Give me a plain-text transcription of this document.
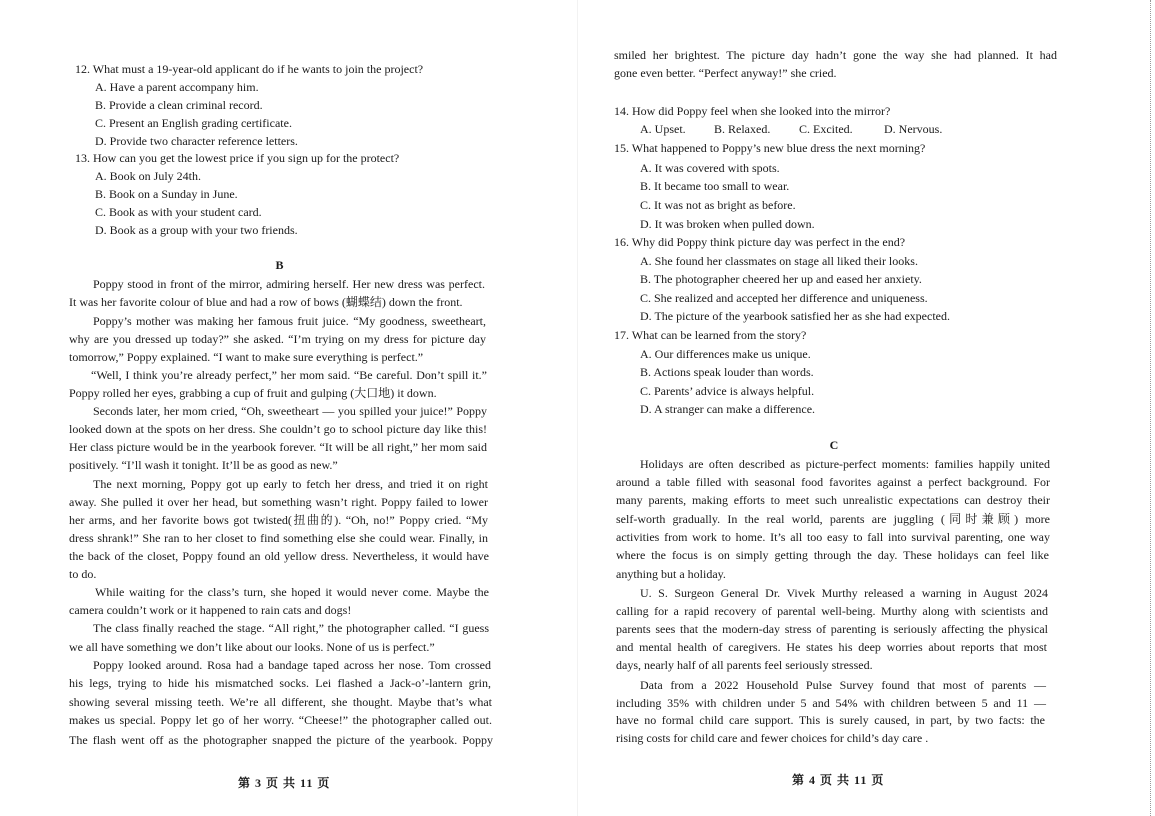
12. What must a 19-year-old applicant do if he wants to join the project?
A. Have a parent accompany him.
B. Provide a clean criminal record.
C. Present an English grading certificate.
D. Provide two character reference letters.
13. How can you get the lowest price if you sign up for the protect?
A. Book on July 24th.
B. Book on a Sunday in June.
C. Book as with your student card.
D. Book as a group with your two friends.
B
Poppy stood in front of the mirror, admiring herself. Her new dress was perfect.
It was her favorite colour of blue and had a row of bows (蝴蝶结) down the front.
Poppy’s mother was making her famous fruit juice. “My goodness, sweetheart,
why are you dressed up today?” she asked. “I’m trying on my dress for picture day
tomorrow,” Poppy explained. “I want to make sure everything is perfect.”
“Well, I think you’re already perfect,” her mom said. “Be careful. Don’t spill it.”
Poppy rolled her eyes, grabbing a cup of fruit and gulping (大口地) it down.
Seconds later, her mom cried, “Oh, sweetheart — you spilled your juice!” Poppy
looked down at the spots on her dress. She couldn’t go to school picture day like this!
Her class picture would be in the yearbook forever. “It will be all right,” her mom said
positively. “I’ll wash it tonight. It’ll be as good as new.”
The next morning, Poppy got up early to fetch her dress, and tried it on right
away. She pulled it over her head, but something wasn’t right. Poppy failed to lower
her arms, and her favorite bows got twisted(扭曲的). “Oh, no!” Poppy cried. “My
dress shrank!” She ran to her closet to find something else she could wear. Finally, in
the back of the closet, Poppy found an old yellow dress. Nevertheless, it would have
to do.
While waiting for the class’s turn, she hoped it would never come. Maybe the
camera couldn’t work or it happened to rain cats and dogs!
The class finally reached the stage. “All right,” the photographer called. “I guess
we all have something we don’t like about our looks. None of us is perfect.”
Poppy looked around. Rosa had a bandage taped across her nose. Tom crossed
his legs, trying to hide his mismatched socks. Lei flashed a Jack-o’-lantern grin,
showing several missing teeth. We’re all different, she thought. Maybe that’s what
makes us special. Poppy let go of her worry. “Cheese!” the photographer called out.
The flash went off as the photographer snapped the picture of the yearbook. Poppy
第 3 页 共 11 页
smiled her brightest. The picture day hadn’t gone the way she had planned. It had
gone even better. “Perfect anyway!” she cried.
14. How did Poppy feel when she looked into the mirror?
A. Upset. B. Relaxed. C. Excited.	D. Nervous.
15. What happened to Poppy’s new blue dress the next morning?
A. It was covered with spots.
B. It became too small to wear.
C. It was not as bright as before.
D. It was broken when pulled down.
16. Why did Poppy think picture day was perfect in the end?
A. She found her classmates on stage all liked their looks.
B. The photographer cheered her up and eased her anxiety.
C. She realized and accepted her difference and uniqueness.
D. The picture of the yearbook satisfied her as she had expected.
17. What can be learned from the story?
A. Our differences make us unique.
B. Actions speak louder than words.
C. Parents’ advice is always helpful.
D. A stranger can make a difference.
C
Holidays are often described as picture-perfect moments: families happily united
around a table filled with seasonal food favorites against a perfect background. For
many parents, making efforts to meet such unrealistic expectations can destroy their
self-worth gradually. In the real world, parents are juggling (同时兼顾) more
activities from work to home. It’s all too easy to fall into survival parenting, one way
where the focus is on simply getting through the day. These holidays can feel like
anything but a holiday.
U. S. Surgeon General Dr. Vivek Murthy released a warning in August 2024
calling for a rapid recovery of parental well-being. Murthy along with scientists and
parents sees that the modern-day stress of parenting is seriously affecting the physical
and mental health of caregivers. He states his deep worries about reports that most
days, nearly half of all parents feel seriously stressed.
Data from a 2022 Household Pulse Survey found that most of parents —
including 35% with children under 5 and 54% with children between 5 and 11 —
have no formal child care support. This is surely caused, in part, by two facts: the
rising costs for child care and fewer choices for child’s day care .
第 4 页 共 11 页
